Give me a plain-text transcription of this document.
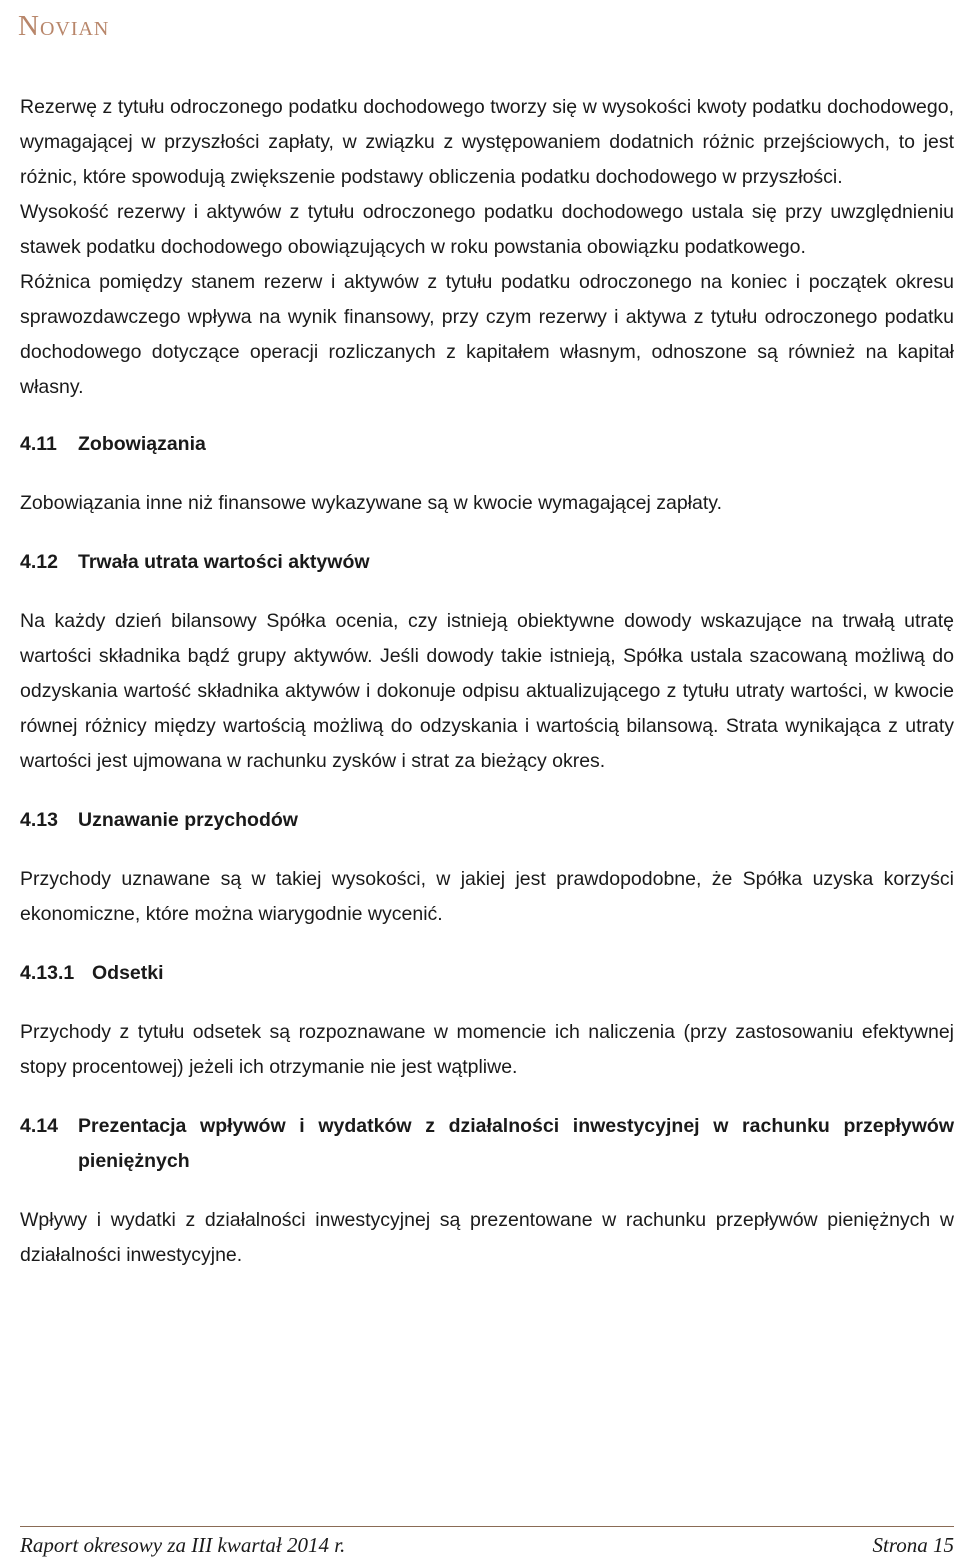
Novian

Rezerwę z tytułu odroczonego podatku dochodowego tworzy się w wysokości kwoty podatku dochodowego, wymagającej w przyszłości zapłaty, w związku z występowaniem dodatnich różnic przejściowych, to jest różnic, które spowodują zwiększenie podstawy obliczenia podatku dochodowego w przyszłości.

Wysokość rezerwy i aktywów z tytułu odroczonego podatku dochodowego ustala się przy uwzględnieniu stawek podatku dochodowego obowiązujących w roku powstania obowiązku podatkowego.

Różnica pomiędzy stanem rezerw i aktywów z tytułu podatku odroczonego na koniec i początek okresu sprawozdawczego wpływa na wynik finansowy, przy czym rezerwy i aktywa z tytułu odroczonego podatku dochodowego dotyczące operacji rozliczanych z kapitałem własnym, odnoszone są również na kapitał własny.

4.11	Zobowiązania

Zobowiązania inne niż finansowe wykazywane są w kwocie wymagającej zapłaty.

4.12	Trwała utrata wartości aktywów

Na każdy dzień bilansowy Spółka ocenia, czy istnieją obiektywne dowody wskazujące na trwałą utratę wartości składnika bądź grupy aktywów. Jeśli dowody takie istnieją, Spółka ustala szacowaną możliwą do odzyskania wartość składnika aktywów i dokonuje odpisu aktualizującego z tytułu utraty wartości, w kwocie równej różnicy między wartością możliwą do odzyskania i wartością bilansową. Strata wynikająca z utraty wartości jest ujmowana w rachunku zysków i strat za bieżący okres.

4.13	Uznawanie przychodów

Przychody uznawane są w takiej wysokości, w jakiej jest prawdopodobne, że Spółka uzyska korzyści ekonomiczne, które można wiarygodnie wycenić.

4.13.1 Odsetki

Przychody z tytułu odsetek są rozpoznawane w momencie ich naliczenia (przy zastosowaniu efektywnej stopy procentowej) jeżeli ich otrzymanie nie jest wątpliwe.

4.14	Prezentacja wpływów i wydatków z działalności inwestycyjnej w rachunku przepływów pieniężnych

Wpływy i wydatki z działalności inwestycyjnej są prezentowane w rachunku przepływów pieniężnych w działalności inwestycyjne.

Raport okresowy za III kwartał 2014 r.	Strona 15
